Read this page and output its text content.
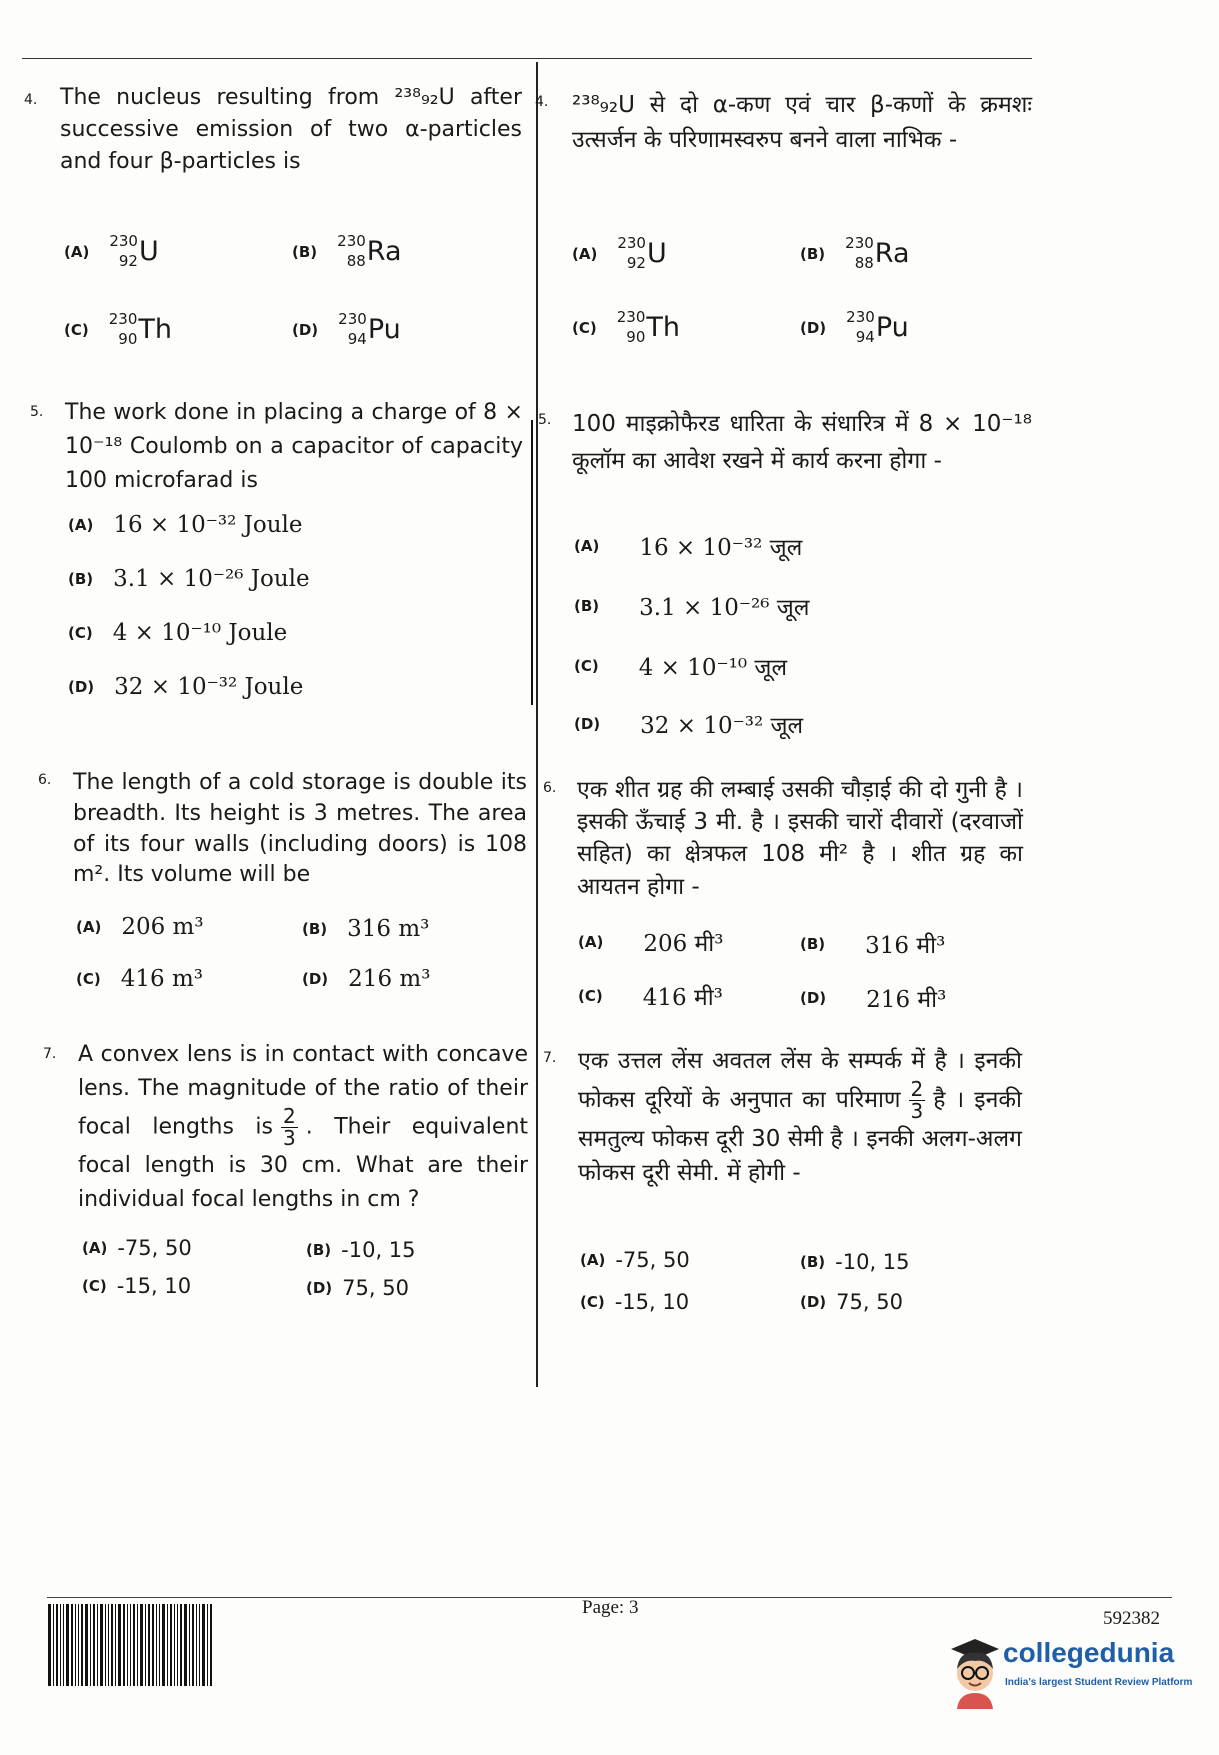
4. The nucleus resulting from ²³⁸₉₂U after successive emission of two α-particles and four β-particles is
(A)
230
92 U	(B)
230
88 Ra
(C)
230
90 Th	(D)
230
94 Pu
4. ²³⁸₉₂U से दो α-कण एवं चार β-कणों के क्रमशः उत्सर्जन के परिणामस्वरुप बनने वाला नाभिक -
(A)
230
92 U	(B)
230
88 Ra
(C)
230
90 Th	(D)
230
94 Pu
5. The work done in placing a charge of 8 × 10⁻¹⁸ Coulomb on a capacitor of capacity 100 microfarad is
(A) 16 × 10⁻³² Joule
(B) 3.1 × 10⁻²⁶ Joule
(C) 4 × 10⁻¹⁰ Joule
(D) 32 × 10⁻³² Joule
5. 100 माइक्रोफैरड धारिता के संधारित्र में 8 × 10⁻¹⁸ कूलॉम का आवेश रखने में कार्य करना होगा -
(A) 16 × 10⁻³² जूल
(B) 3.1 × 10⁻²⁶ जूल
(C) 4 × 10⁻¹⁰ जूल
(D) 32 × 10⁻³² जूल
6. The length of a cold storage is double its breadth. Its height is 3 metres. The area of its four walls (including doors) is 108 m². Its volume will be
(A) 206 m³	(B) 316 m³
(C) 416 m³	(D) 216 m³
6. एक शीत ग्रह की लम्बाई उसकी चौड़ाई की दो गुनी है । इसकी ऊँचाई 3 मी. है । इसकी चारों दीवारों (दरवाजों सहित) का क्षेत्रफल 108 मी² है । शीत ग्रह का आयतन होगा -
(A) 206 मी³	(B) 316 मी³
(C) 416 मी³	(D) 216 मी³
7. A convex lens is in contact with concave lens. The magnitude of the ratio of their focal lengths is $\frac{2}{3}$ . Their equivalent focal length is 30 cm. What are their individual focal lengths in cm ?
(A) -75, 50	(B) -10, 15
(C) -15, 10	(D) 75, 50
7. एक उत्तल लेंस अवतल लेंस के सम्पर्क में है । इनकी फोकस दूरियों के अनुपात का परिमाण $\frac{2}{3}$ है । इनकी समतुल्य फोकस दूरी 30 सेमी है । इनकी अलग-अलग फोकस दूरी सेमी. में होगी -
(A) -75, 50	(B) -10, 15
(C) -15, 10	(D) 75, 50
Page: 3
592382
collegedunia
India's largest Student Review Platform
